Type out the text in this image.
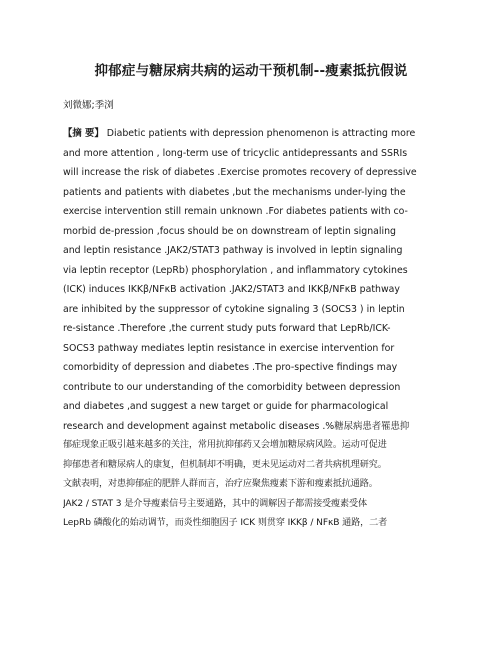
抑郁症与糖尿病共病的运动干预机制--瘦素抵抗假说
刘微娜;季浏
【摘 要】 Diabetic patients with depression phenomenon is attracting more
and more attention , long-term use of tricyclic antidepressants and SSRIs
will increase the risk of diabetes .Exercise promotes recovery of depressive
patients and patients with diabetes ,but the mechanisms under-lying the
exercise intervention still remain unknown .For diabetes patients with co-
morbid de-pression ,focus should be on downstream of leptin signaling
and leptin resistance .JAK2/STAT3 pathway is involved in leptin signaling
via leptin receptor (LepRb) phosphorylation , and inflammatory cytokines
(ICK) induces IKKβ/NFκB activation .JAK2/STAT3 and IKKβ/NFκB pathway
are inhibited by the suppressor of cytokine signaling 3 (SOCS3 ) in leptin
re-sistance .Therefore ,the current study puts forward that LepRb/ICK-
SOCS3 pathway mediates leptin resistance in exercise intervention for
comorbidity of depression and diabetes .The pro-spective findings may
contribute to our understanding of the comorbidity between depression
and diabetes ,and suggest a new target or guide for pharmacological
research and development against metabolic diseases .%糖尿病患者罹患抑
郁症现象正吸引越来越多的关注，常用抗抑郁药又会增加糖尿病风险。运动可促进
抑郁患者和糖尿病人的康复，但机制却不明确，更未见运动对二者共病机理研究。
文献表明，对患抑郁症的肥胖人群而言，治疗应聚焦瘦素下游和瘦素抵抗通路。
JAK2 / STAT 3 是介导瘦素信号主要通路，其中的调解因子都需接受瘦素受体
LepRb 磷酸化的始动调节，而炎性细胞因子 ICK 则贯穿 IKKβ / NFκB 通路，二者
